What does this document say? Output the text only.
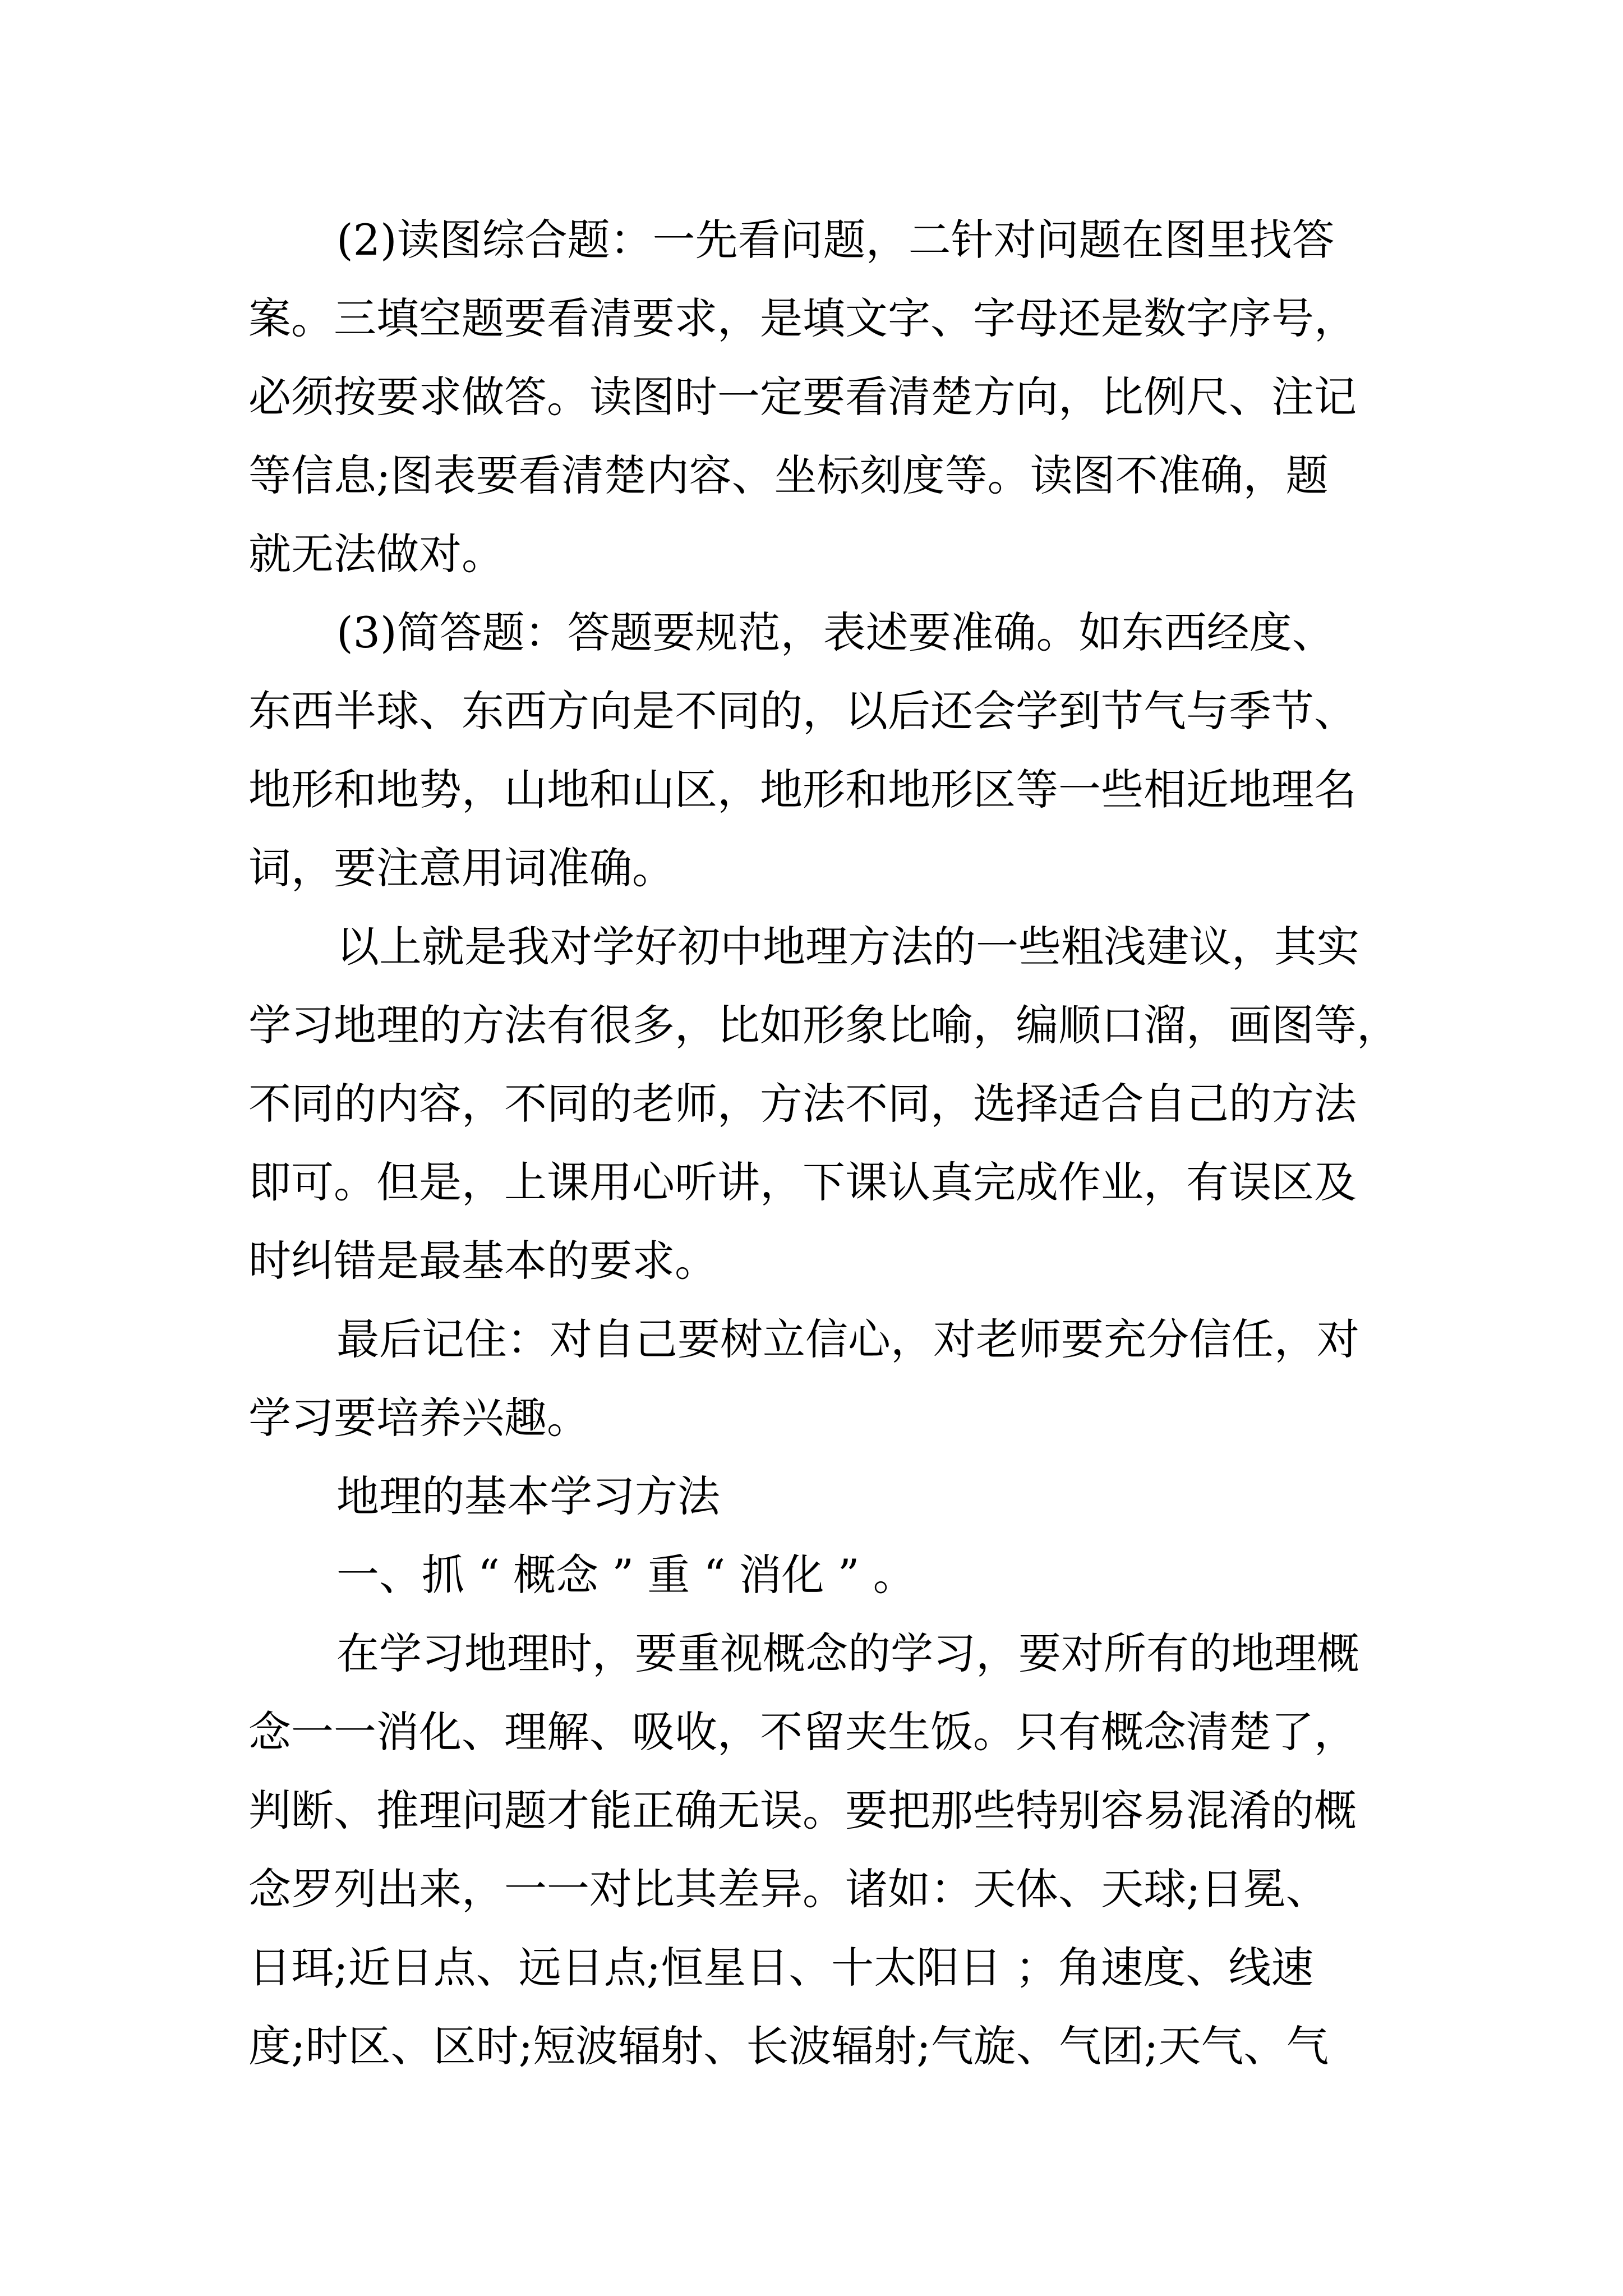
(2)读图综合题：一先看问题，二针对问题在图里找答

案。三填空题要看清要求，是填文字、字母还是数字序号，

必须按要求做答。读图时一定要看清楚方向，比例尺、注记

等信息;图表要看清楚内容、坐标刻度等。读图不准确，题

就无法做对。

(3)简答题：答题要规范，表述要准确。如东西经度、

东西半球、东西方向是不同的，以后还会学到节气与季节、

地形和地势，山地和山区，地形和地形区等一些相近地理名

词，要注意用词准确。

以上就是我对学好初中地理方法的一些粗浅建议，其实

学习地理的方法有很多，比如形象比喻，编顺口溜，画图等，

不同的内容，不同的老师，方法不同，选择适合自己的方法

即可。但是，上课用心听讲，下课认真完成作业，有误区及

时纠错是最基本的要求。

最后记住：对自己要树立信心，对老师要充分信任，对

学习要培养兴趣。

地理的基本学习方法

一、抓 “ 概念 ” 重 “ 消化 ” 。

在学习地理时，要重视概念的学习，要对所有的地理概

念一一消化、理解、吸收，不留夹生饭。只有概念清楚了，

判断、推理问题才能正确无误。要把那些特别容易混淆的概

念罗列出来，一一对比其差异。诸如：天体、天球;日冕、

日珥;近日点、远日点;恒星日、十太阳日 ；角速度、线速

度;时区、区时;短波辐射、长波辐射;气旋、气团;天气、气
